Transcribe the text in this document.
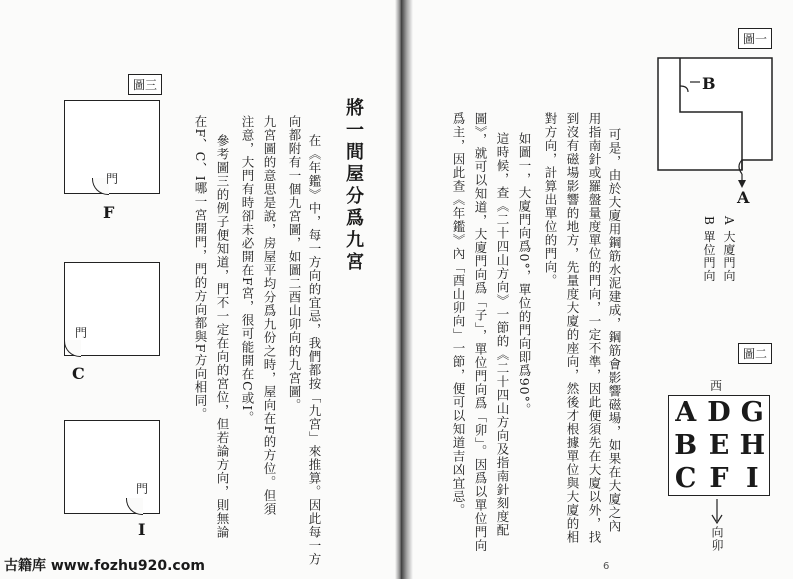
將一間屋分爲九宮
在《年鑑》中，每一方向的宜忌，我們都按「九宮」來推算。因此每一方
向都附有一個九宮圖，如圖二酉山卯向的九宮圖。
九宮圖的意思是說，房屋平均分爲九份之時，屋向在F的方位。但須
注意，大門有時卻未必開在F宮，很可能開在C或I。
參考圖三的例子便知道，門不一定在向的宮位，但若論方向，則無論
在F、C、I哪一宮開門，門的方向都與F方向相同。
圖三
門
F
門
C
門
I
古籍库 www.fozhu920.com
可是，由於大廈用鋼筋水泥建成，鋼筋會影響磁場，如果在大廈之內
用指南針或羅盤量度單位的門向，一定不準，因此便須先在大廈以外，找
到沒有磁場影響的地方，先量度大廈的座向，然後才根據單位與大廈的相
對方向，計算出單位的門向。
如圖一，大廈門向爲0°，單位的門向即爲90°。
這時候，查《二十四山方向》一節的《二十四山方向及指南針刻度配
圖》，就可以知道，大廈門向爲「子」，單位門向爲「卯」。因爲以單位門向
爲主，因此查《年鑑》內「酉山卯向」一節，便可以知道吉凶宜忌。
圖一
B
A
A 大廈門向
B 單位門向
圖二
西
A D G
B E H
C F I
向卯
6
